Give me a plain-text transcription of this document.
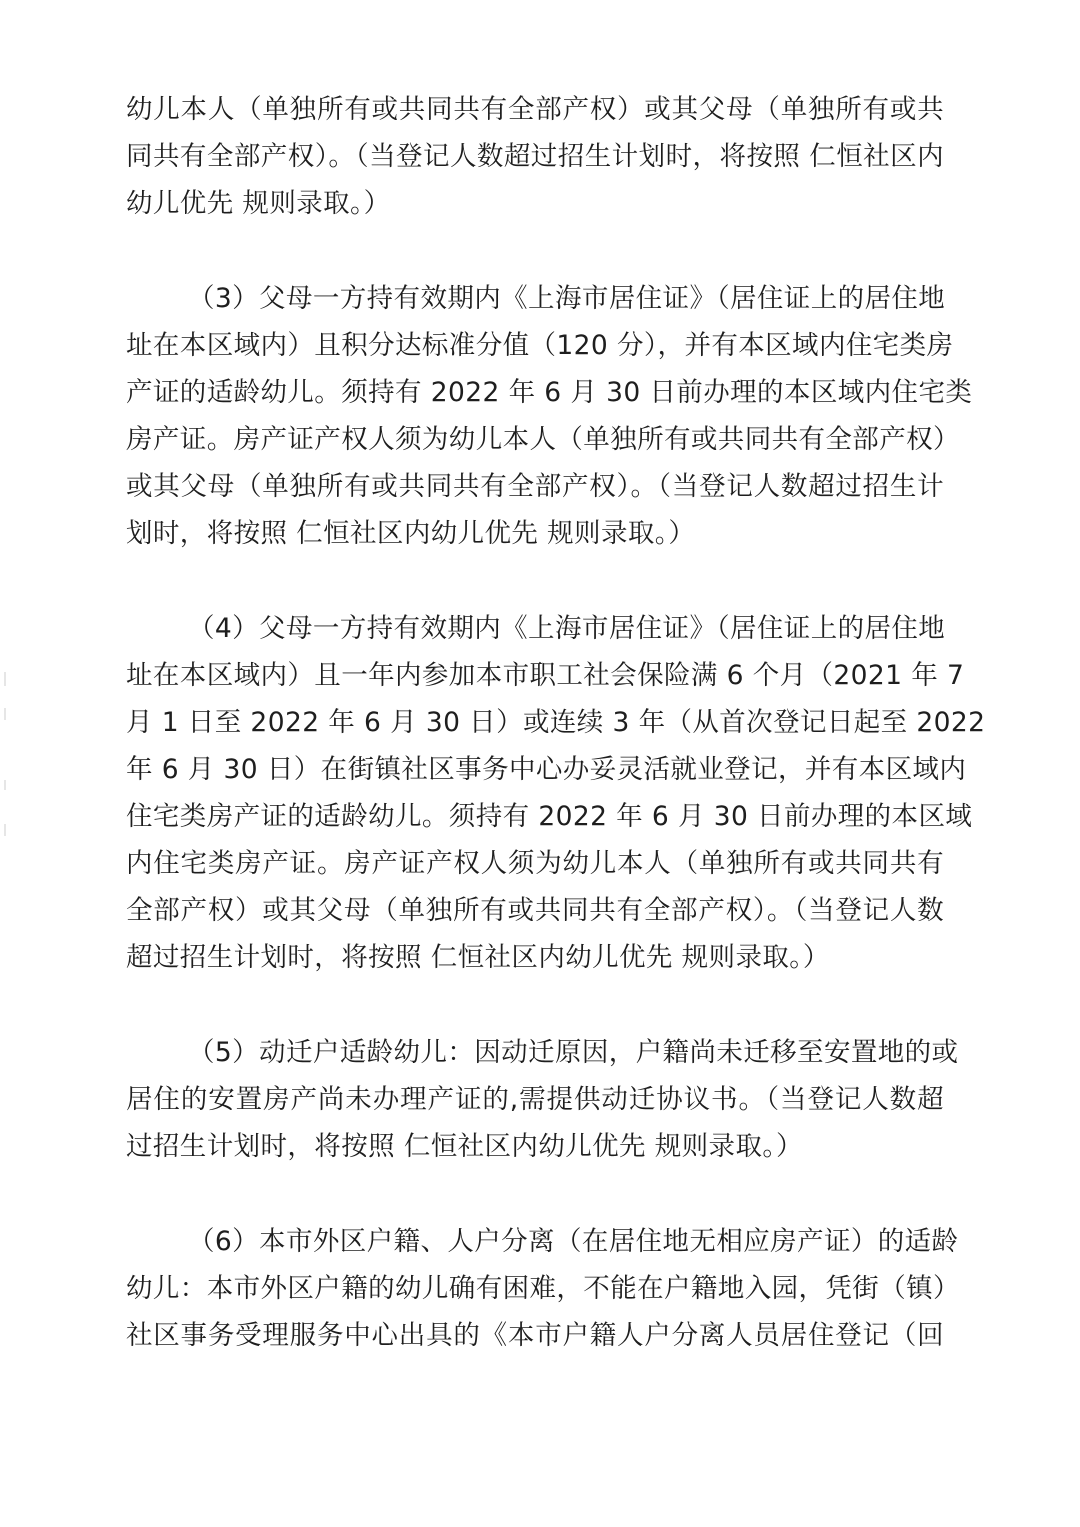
幼儿本人（单独所有或共同共有全部产权）或其父母（单独所有或共
同共有全部产权）。（当登记人数超过招生计划时，将按照 仁恒社区内
幼儿优先 规则录取。）
（3）父母一方持有效期内《上海市居住证》（居住证上的居住地
址在本区域内）且积分达标准分值（120 分），并有本区域内住宅类房
产证的适龄幼儿。须持有 2022 年 6 月 30 日前办理的本区域内住宅类
房产证。房产证产权人须为幼儿本人（单独所有或共同共有全部产权）
或其父母（单独所有或共同共有全部产权）。（当登记人数超过招生计
划时，将按照 仁恒社区内幼儿优先 规则录取。）
（4）父母一方持有效期内《上海市居住证》（居住证上的居住地
址在本区域内）且一年内参加本市职工社会保险满 6 个月（2021 年 7
月 1 日至 2022 年 6 月 30 日）或连续 3 年（从首次登记日起至 2022
年 6 月 30 日）在街镇社区事务中心办妥灵活就业登记，并有本区域内
住宅类房产证的适龄幼儿。须持有 2022 年 6 月 30 日前办理的本区域
内住宅类房产证。房产证产权人须为幼儿本人（单独所有或共同共有
全部产权）或其父母（单独所有或共同共有全部产权）。（当登记人数
超过招生计划时，将按照 仁恒社区内幼儿优先 规则录取。）
（5）动迁户适龄幼儿：因动迁原因，户籍尚未迁移至安置地的或
居住的安置房产尚未办理产证的,需提供动迁协议书。（当登记人数超
过招生计划时，将按照 仁恒社区内幼儿优先 规则录取。）
（6）本市外区户籍、人户分离（在居住地无相应房产证）的适龄
幼儿：本市外区户籍的幼儿确有困难，不能在户籍地入园，凭街（镇）
社区事务受理服务中心出具的《本市户籍人户分离人员居住登记（回
